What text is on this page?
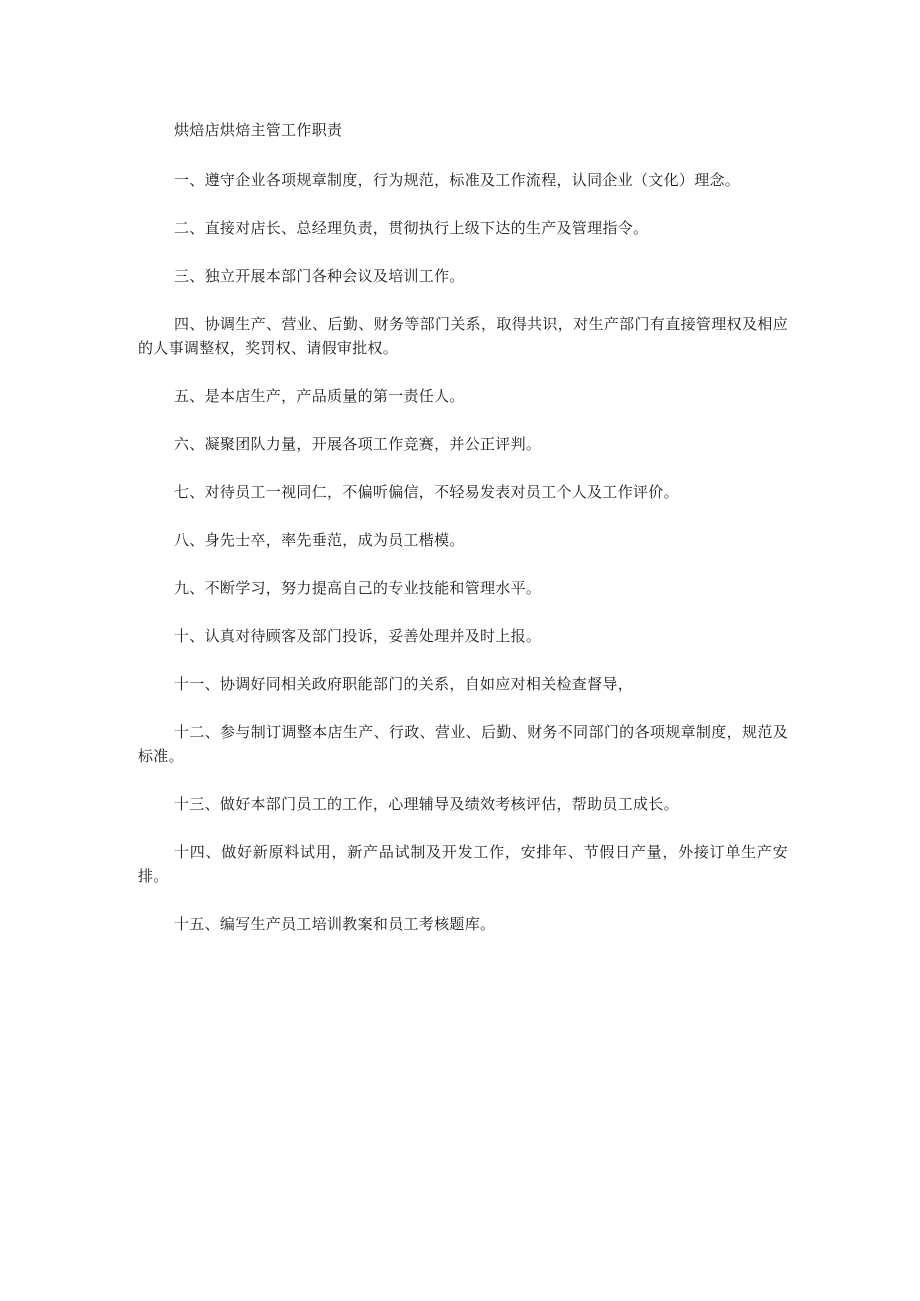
烘焙店烘焙主管工作职责

一、遵守企业各项规章制度，行为规范，标准及工作流程，认同企业（文化）理念。

二、直接对店长、总经理负责，贯彻执行上级下达的生产及管理指令。

三、独立开展本部门各种会议及培训工作。

四、协调生产、营业、后勤、财务等部门关系，取得共识，对生产部门有直接管理权及相应的人事调整权，奖罚权、请假审批权。

五、是本店生产，产品质量的第一责任人。

六、凝聚团队力量，开展各项工作竞赛，并公正评判。

七、对待员工一视同仁，不偏听偏信，不轻易发表对员工个人及工作评价。

八、身先士卒，率先垂范，成为员工楷模。

九、不断学习，努力提高自己的专业技能和管理水平。

十、认真对待顾客及部门投诉，妥善处理并及时上报。

十一、协调好同相关政府职能部门的关系，自如应对相关检查督导，

十二、参与制订调整本店生产、行政、营业、后勤、财务不同部门的各项规章制度，规范及标准。

十三、做好本部门员工的工作，心理辅导及绩效考核评估，帮助员工成长。

十四、做好新原料试用，新产品试制及开发工作，安排年、节假日产量，外接订单生产安排。

十五、编写生产员工培训教案和员工考核题库。
